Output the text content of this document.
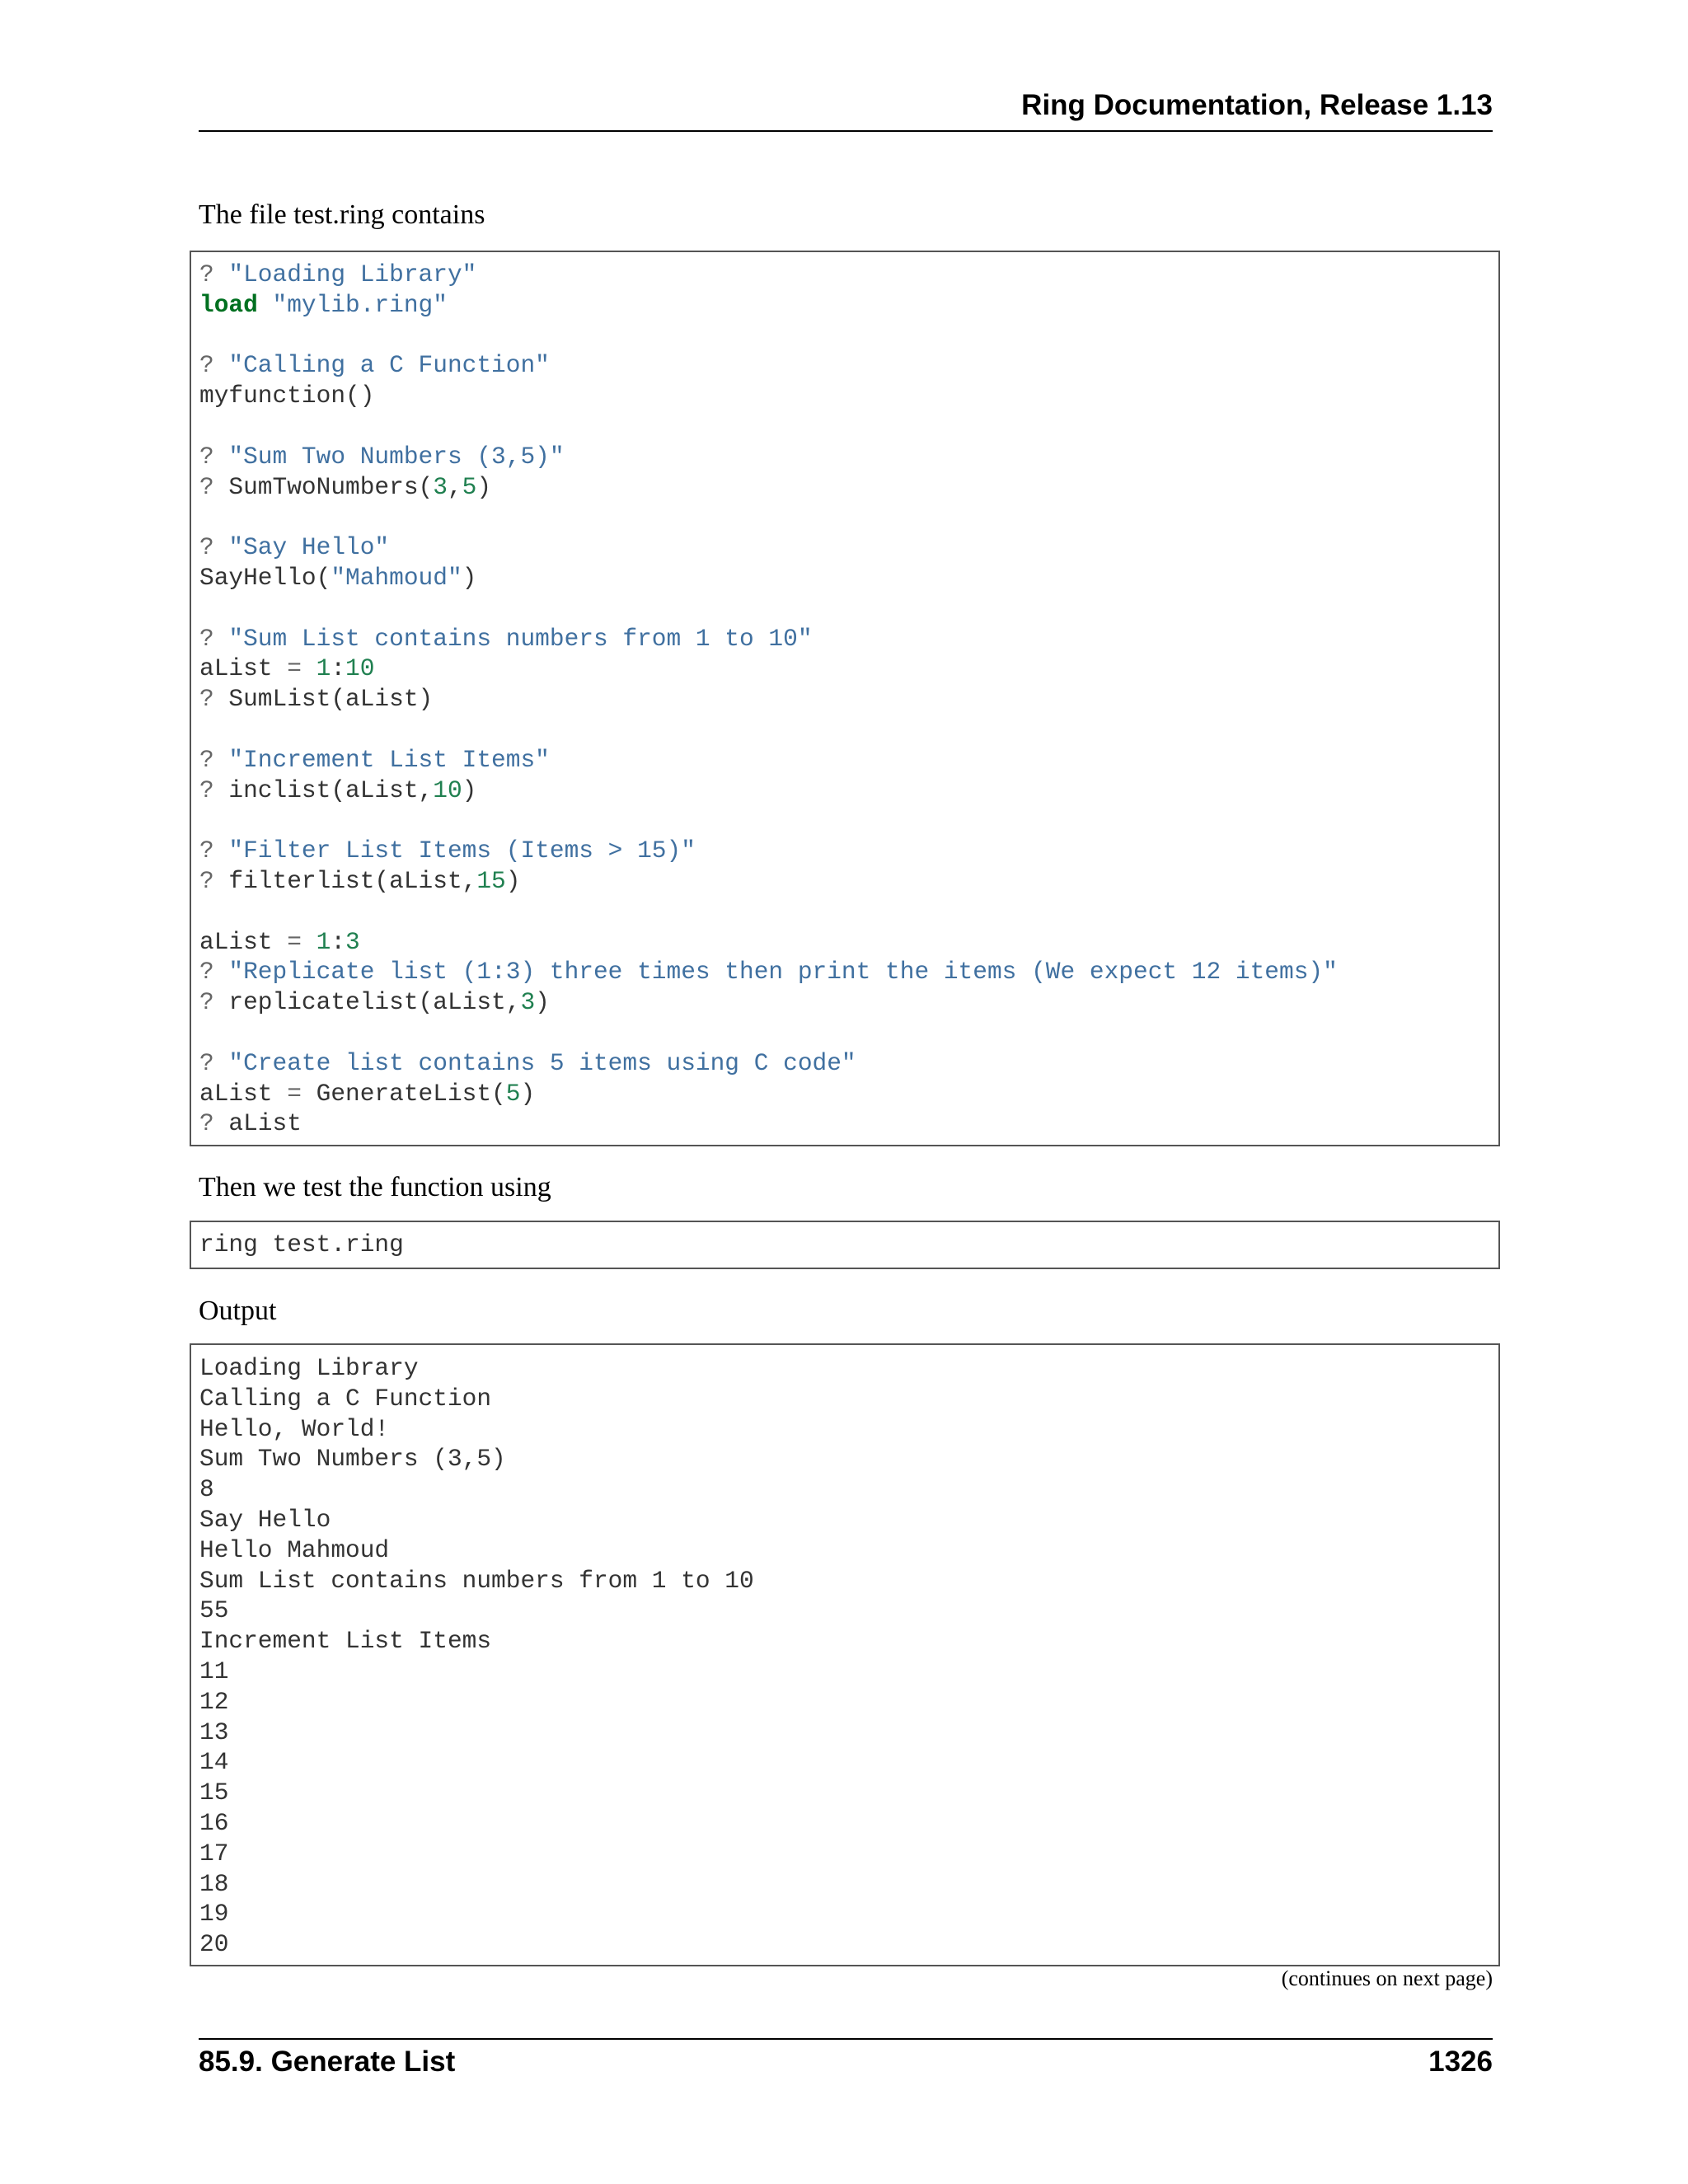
Ring Documentation, Release 1.13
The file test.ring contains
? "Loading Library"
load "mylib.ring"
? "Calling a C Function"
myfunction()
? "Sum Two Numbers (3,5)"
? SumTwoNumbers(3,5)
? "Say Hello"
SayHello("Mahmoud")
? "Sum List contains numbers from 1 to 10"
aList = 1:10
? SumList(aList)
? "Increment List Items"
? inclist(aList,10)
? "Filter List Items (Items > 15)"
? filterlist(aList,15)
aList = 1:3
? "Replicate list (1:3) three times then print the items (We expect 12 items)"
? replicatelist(aList,3)
? "Create list contains 5 items using C code"
aList = GenerateList(5)
? aList
Then we test the function using
ring test.ring
Output
Loading Library
Calling a C Function
Hello, World!
Sum Two Numbers (3,5)
8
Say Hello
Hello Mahmoud
Sum List contains numbers from 1 to 10
55
Increment List Items
11
12
13
14
15
16
17
18
19
20
(continues on next page)
85.9. Generate List	1326
